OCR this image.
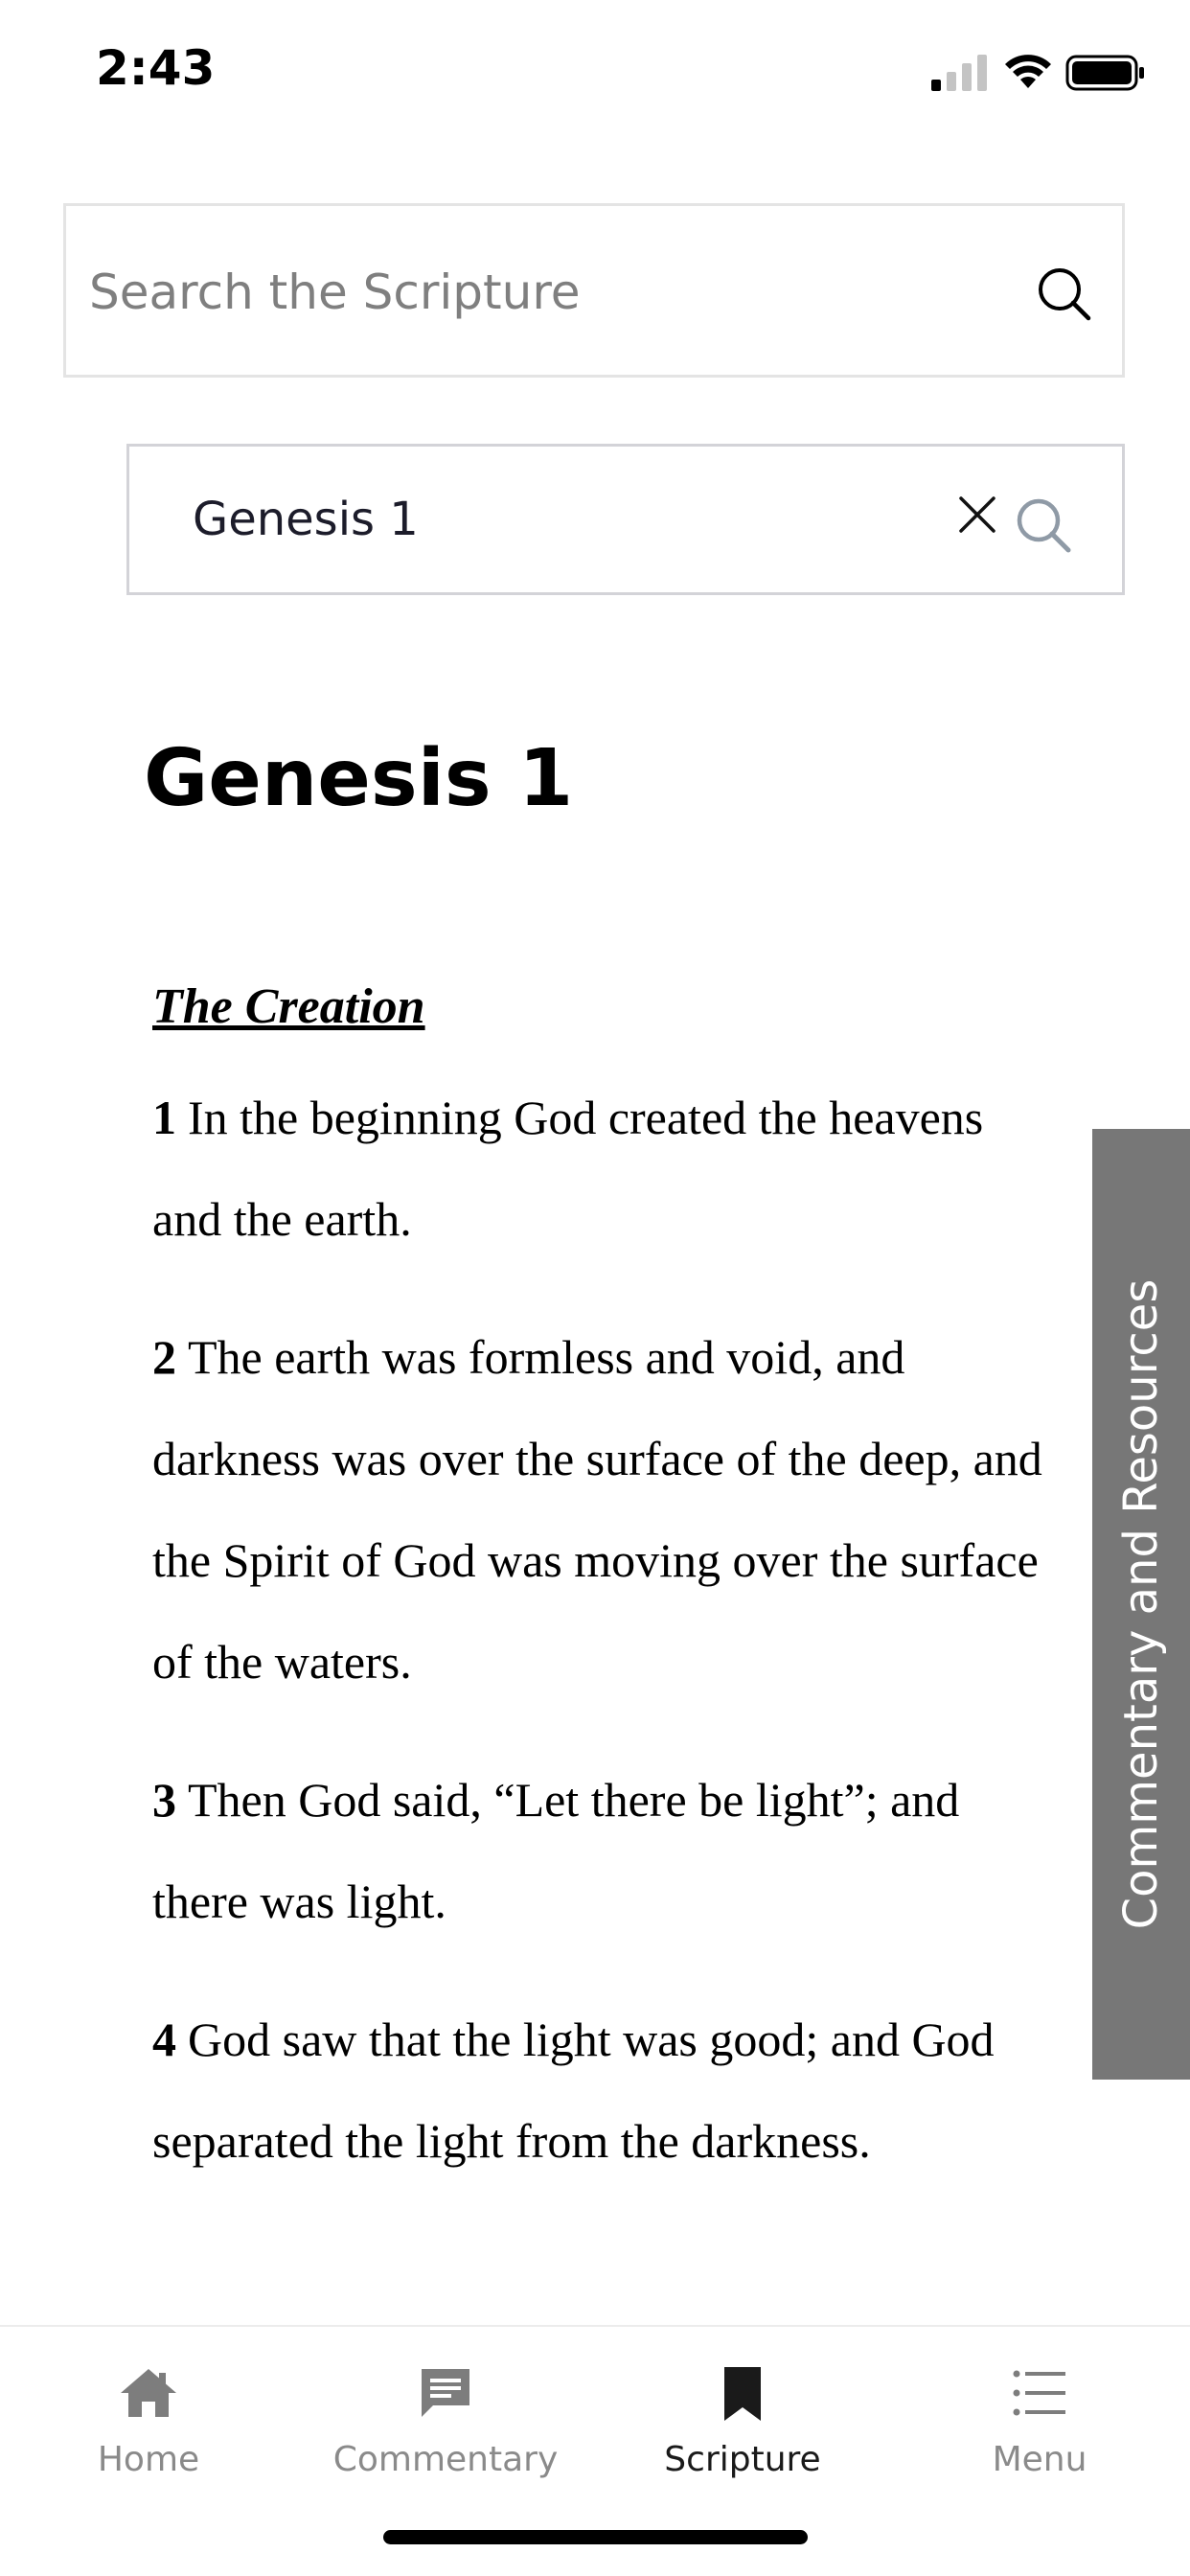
2:43
Search the Scripture
Genesis 1
Genesis 1

The Creation

1 In the beginning God created the heavens and the earth.

2 The earth was formless and void, and darkness was over the surface of the deep, and the Spirit of God was moving over the surface of the waters.

3 Then God said, “Let there be light”; and there was light.

4 God saw that the light was good; and God separated the light from the darkness.

Commentary and Resources
Home	Commentary	Scripture	Menu
